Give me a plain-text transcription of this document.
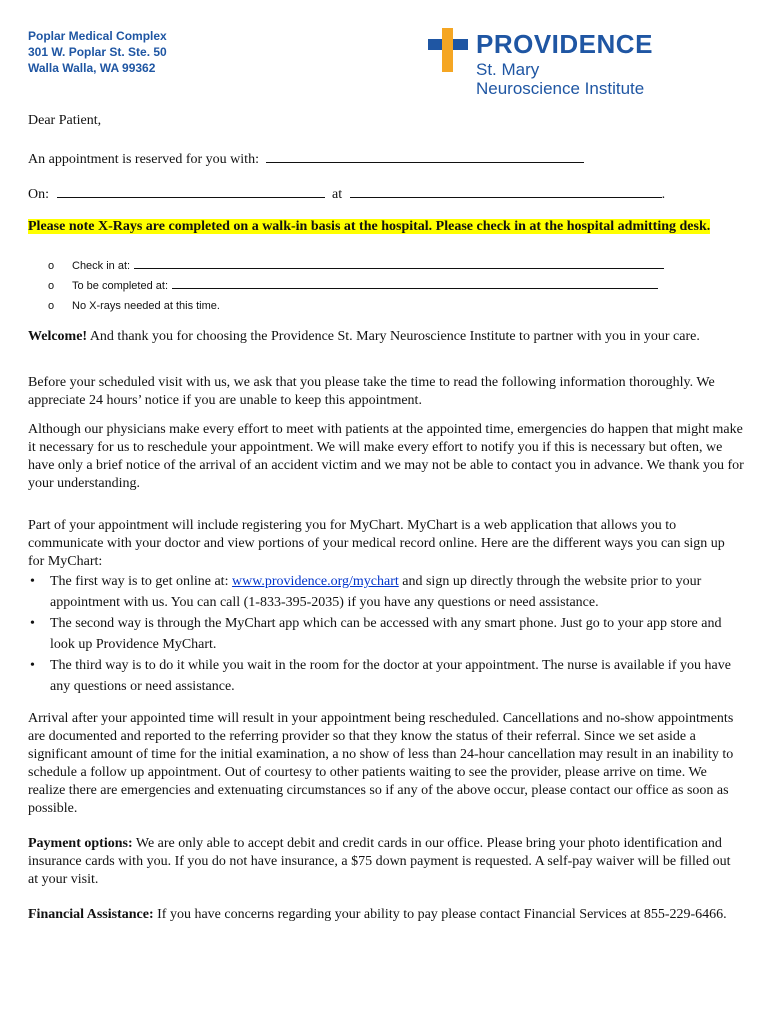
Poplar Medical Complex
301 W. Poplar St. Ste. 50
Walla Walla, WA 99362
PROVIDENCE
St. Mary
Neuroscience Institute
Dear Patient,
An appointment is reserved for you with:
On:	at	.
Please note X-Rays are completed on a walk-in basis at the hospital. Please check in at the hospital admitting desk.
o Check in at:
o To be completed at:
o No X-rays needed at this time.
Welcome! And thank you for choosing the Providence St. Mary Neuroscience Institute to partner with you in your care.
Before your scheduled visit with us, we ask that you please take the time to read the following information thoroughly. We appreciate 24 hours’ notice if you are unable to keep this appointment.
Although our physicians make every effort to meet with patients at the appointed time, emergencies do happen that might make it necessary for us to reschedule your appointment. We will make every effort to notify you if this is necessary but often, we have only a brief notice of the arrival of an accident victim and we may not be able to contact you in advance. We thank you for your understanding.
Part of your appointment will include registering you for MyChart. MyChart is a web application that allows you to communicate with your doctor and view portions of your medical record online. Here are the different ways you can sign up for MyChart:
• The first way is to get online at: www.providence.org/mychart and sign up directly through the website prior to your appointment with us. You can call (1-833-395-2035) if you have any questions or need assistance.
• The second way is through the MyChart app which can be accessed with any smart phone. Just go to your app store and look up Providence MyChart.
• The third way is to do it while you wait in the room for the doctor at your appointment. The nurse is available if you have any questions or need assistance.
Arrival after your appointed time will result in your appointment being rescheduled. Cancellations and no-show appointments are documented and reported to the referring provider so that they know the status of their referral. Since we set aside a significant amount of time for the initial examination, a no show of less than 24-hour cancellation may result in an inability to schedule a follow up appointment. Out of courtesy to other patients waiting to see the provider, please arrive on time. We realize there are emergencies and extenuating circumstances so if any of the above occur, please contact our office as soon as possible.
Payment options: We are only able to accept debit and credit cards in our office. Please bring your photo identification and insurance cards with you. If you do not have insurance, a $75 down payment is requested. A self-pay waiver will be filled out at your visit.
Financial Assistance: If you have concerns regarding your ability to pay please contact Financial Services at 855-229-6466.
